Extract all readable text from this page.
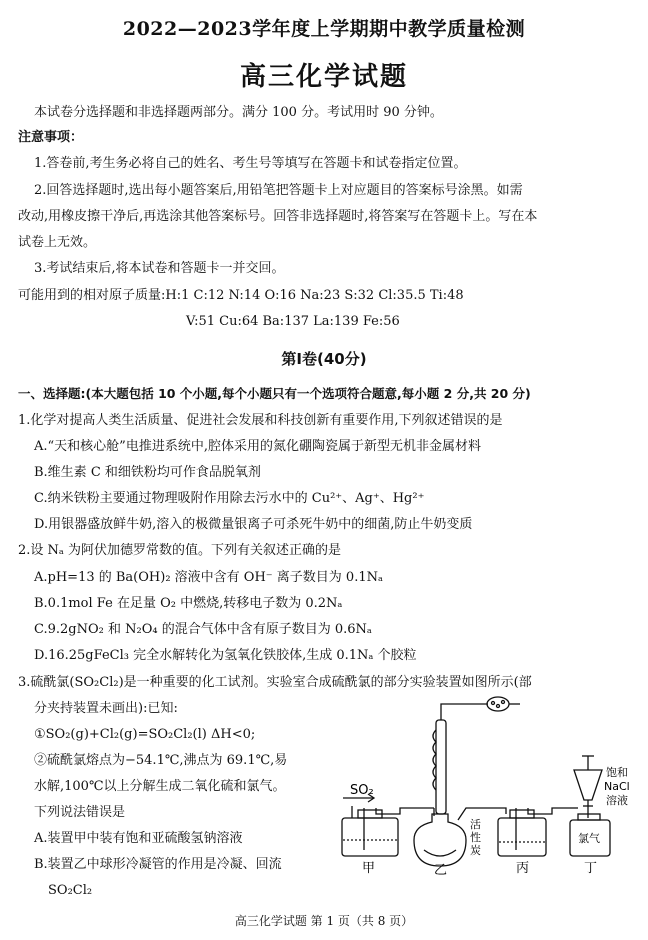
2022—2023学年度上学期期中教学质量检测
高三化学试题
本试卷分选择题和非选择题两部分。满分 100 分。考试用时 90 分钟。
注意事项：
1.答卷前,考生务必将自己的姓名、考生号等填写在答题卡和试卷指定位置。
2.回答选择题时,选出每小题答案后,用铅笔把答题卡上对应题目的答案标号涂黑。如需
改动,用橡皮擦干净后,再选涂其他答案标号。回答非选择题时,将答案写在答题卡上。写在本
试卷上无效。
3.考试结束后,将本试卷和答题卡一并交回。
可能用到的相对原子质量:H:1 C:12 N:14 O:16 Na:23 S:32 Cl:35.5 Ti:48
V:51 Cu:64 Ba:137 La:139 Fe:56
第Ⅰ卷(40分)
一、选择题:(本大题包括 10 个小题,每个小题只有一个选项符合题意,每小题 2 分,共 20 分)
1.化学对提高人类生活质量、促进社会发展和科技创新有重要作用,下列叙述错误的是
A.“天和核心舱”电推进系统中,腔体采用的氮化硼陶瓷属于新型无机非金属材料
B.维生素 C 和细铁粉均可作食品脱氧剂
C.纳米铁粉主要通过物理吸附作用除去污水中的 Cu²⁺、Ag⁺、Hg²⁺
D.用银器盛放鲜牛奶,溶入的极微量银离子可杀死牛奶中的细菌,防止牛奶变质
2.设 Nₐ 为阿伏加德罗常数的值。下列有关叙述正确的是
A.pH=13 的 Ba(OH)₂ 溶液中含有 OH⁻ 离子数目为 0.1Nₐ
B.0.1mol Fe 在足量 O₂ 中燃烧,转移电子数为 0.2Nₐ
C.9.2gNO₂ 和 N₂O₄ 的混合气体中含有原子数目为 0.6Nₐ
D.16.25gFeCl₃ 完全水解转化为氢氧化铁胶体,生成 0.1Nₐ 个胶粒
3.硫酰氯(SO₂Cl₂)是一种重要的化工试剂。实验室合成硫酰氯的部分实验装置如图所示(部
分夹持装置未画出):已知:
①SO₂(g)+Cl₂(g)=SO₂Cl₂(l) ΔH<0;
②硫酰氯熔点为−54.1℃,沸点为 69.1℃,易
水解,100℃以上分解生成二氧化硫和氯气。
下列说法错误是
A.装置甲中装有饱和亚硫酸氢钠溶液
B.装置乙中球形冷凝管的作用是冷凝、回流
SO₂Cl₂
SO₂
甲	乙	丙	丁
活
性
炭
饱和
NaCl
溶液
氯气
高三化学试题 第 1 页（共 8 页）
